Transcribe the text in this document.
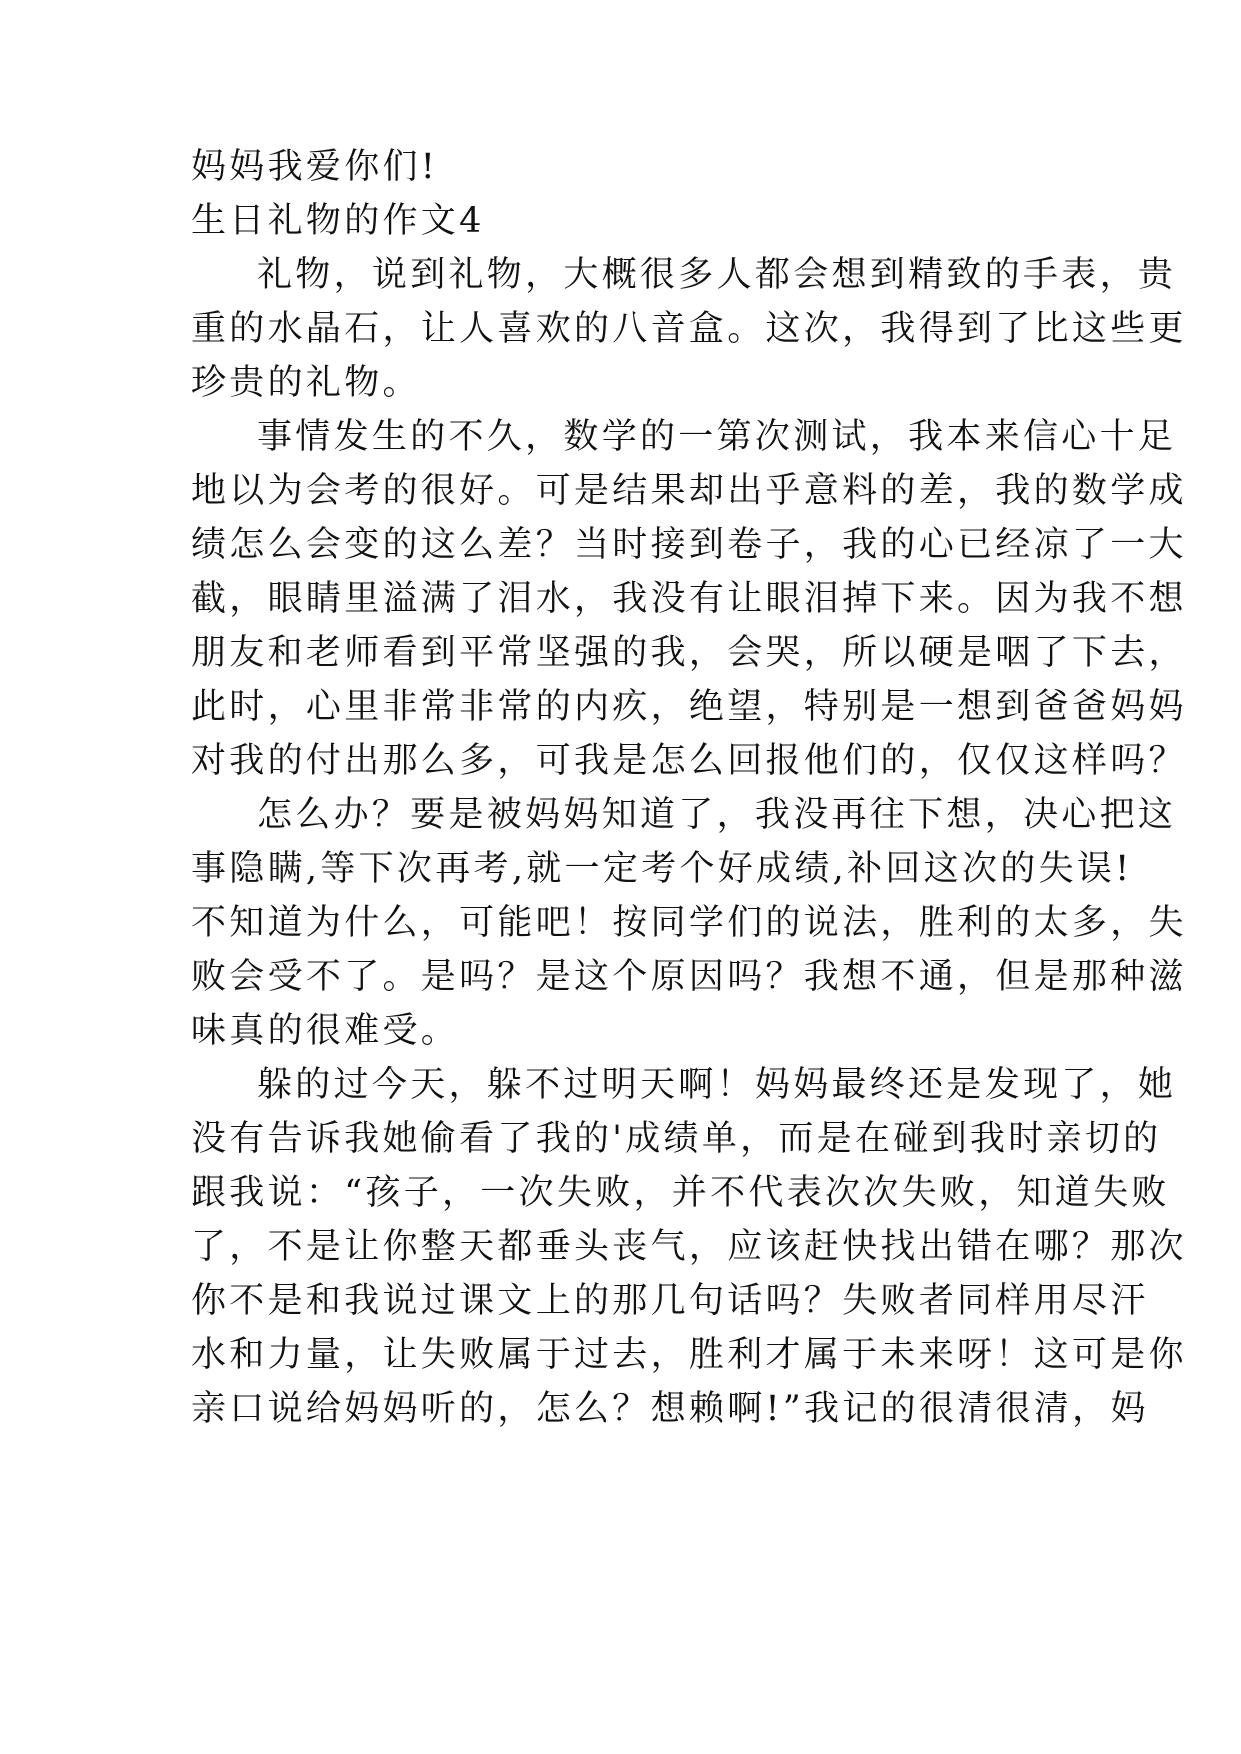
妈妈我爱你们!
生日礼物的作文4
礼物，说到礼物，大概很多人都会想到精致的手表，贵
重的水晶石，让人喜欢的八音盒。这次，我得到了比这些更
珍贵的礼物。
事情发生的不久，数学的一第次测试，我本来信心十足
地以为会考的很好。可是结果却出乎意料的差，我的数学成
绩怎么会变的这么差？当时接到卷子，我的心已经凉了一大
截，眼睛里溢满了泪水，我没有让眼泪掉下来。因为我不想
朋友和老师看到平常坚强的我，会哭，所以硬是咽了下去，
此时，心里非常非常的内疚，绝望，特别是一想到爸爸妈妈
对我的付出那么多，可我是怎么回报他们的，仅仅这样吗？
怎么办？要是被妈妈知道了，我没再往下想，决心把这
事隐瞒,等下次再考,就一定考个好成绩,补回这次的失误!
不知道为什么，可能吧！按同学们的说法，胜利的太多，失
败会受不了。是吗？是这个原因吗？我想不通，但是那种滋
味真的很难受。
躲的过今天，躲不过明天啊！妈妈最终还是发现了，她
没有告诉我她偷看了我的'成绩单，而是在碰到我时亲切的
跟我说：“孩子，一次失败，并不代表次次失败，知道失败
了，不是让你整天都垂头丧气，应该赶快找出错在哪？那次
你不是和我说过课文上的那几句话吗？失败者同样用尽汗
水和力量，让失败属于过去，胜利才属于未来呀！这可是你
亲口说给妈妈听的，怎么？想赖啊!”我记的很清很清，妈
